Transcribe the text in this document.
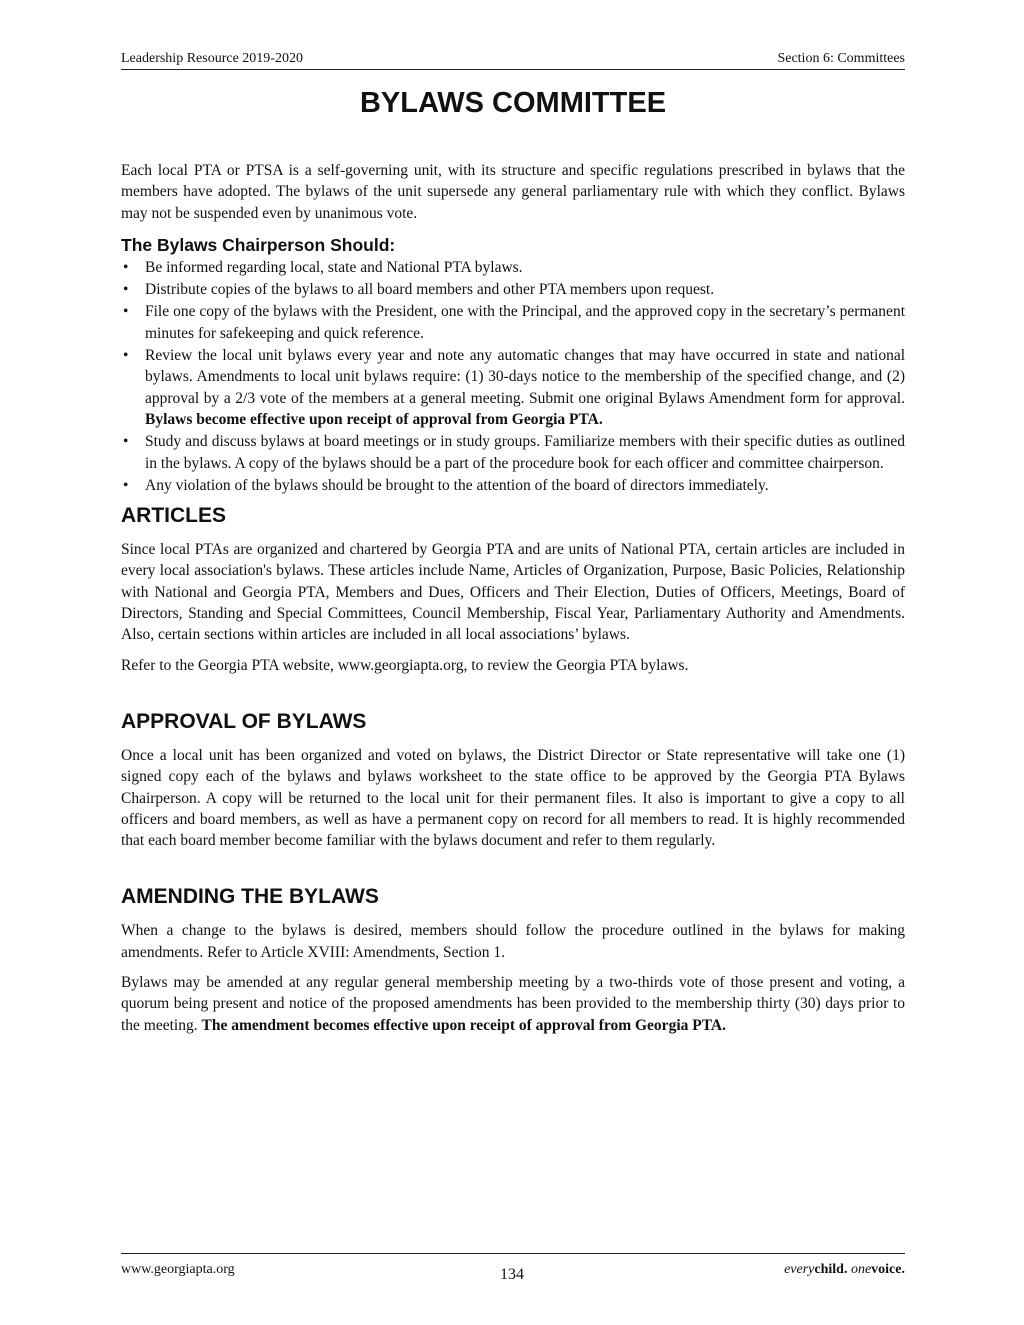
Leadership Resource 2019-2020	Section 6: Committees
BYLAWS COMMITTEE

Each local PTA or PTSA is a self-governing unit, with its structure and specific regulations prescribed in bylaws that the members have adopted. The bylaws of the unit supersede any general parliamentary rule with which they conflict. Bylaws may not be suspended even by unanimous vote.

The Bylaws Chairperson Should:
• Be informed regarding local, state and National PTA bylaws.
• Distribute copies of the bylaws to all board members and other PTA members upon request.
• File one copy of the bylaws with the President, one with the Principal, and the approved copy in the secretary’s permanent minutes for safekeeping and quick reference.
• Review the local unit bylaws every year and note any automatic changes that may have occurred in state and national bylaws. Amendments to local unit bylaws require: (1) 30-days notice to the membership of the specified change, and (2) approval by a 2/3 vote of the members at a general meeting. Submit one original Bylaws Amendment form for approval. Bylaws become effective upon receipt of approval from Georgia PTA.
• Study and discuss bylaws at board meetings or in study groups. Familiarize members with their specific duties as outlined in the bylaws. A copy of the bylaws should be a part of the procedure book for each officer and committee chairperson.
• Any violation of the bylaws should be brought to the attention of the board of directors immediately.
ARTICLES

Since local PTAs are organized and chartered by Georgia PTA and are units of National PTA, certain articles are included in every local association's bylaws. These articles include Name, Articles of Organization, Purpose, Basic Policies, Relationship with National and Georgia PTA, Members and Dues, Officers and Their Election, Duties of Officers, Meetings, Board of Directors, Standing and Special Committees, Council Membership, Fiscal Year, Parliamentary Authority and Amendments. Also, certain sections within articles are included in all local associations’ bylaws.

Refer to the Georgia PTA website, www.georgiapta.org, to review the Georgia PTA bylaws.

APPROVAL OF BYLAWS

Once a local unit has been organized and voted on bylaws, the District Director or State representative will take one (1) signed copy each of the bylaws and bylaws worksheet to the state office to be approved by the Georgia PTA Bylaws Chairperson. A copy will be returned to the local unit for their permanent files. It also is important to give a copy to all officers and board members, as well as have a permanent copy on record for all members to read. It is highly recommended that each board member become familiar with the bylaws document and refer to them regularly.

AMENDING THE BYLAWS

When a change to the bylaws is desired, members should follow the procedure outlined in the bylaws for making amendments. Refer to Article XVIII: Amendments, Section 1.

Bylaws may be amended at any regular general membership meeting by a two-thirds vote of those present and voting, a quorum being present and notice of the proposed amendments has been provided to the membership thirty (30) days prior to the meeting. The amendment becomes effective upon receipt of approval from Georgia PTA.

www.georgiapta.org	134	everychild. onevoice.
